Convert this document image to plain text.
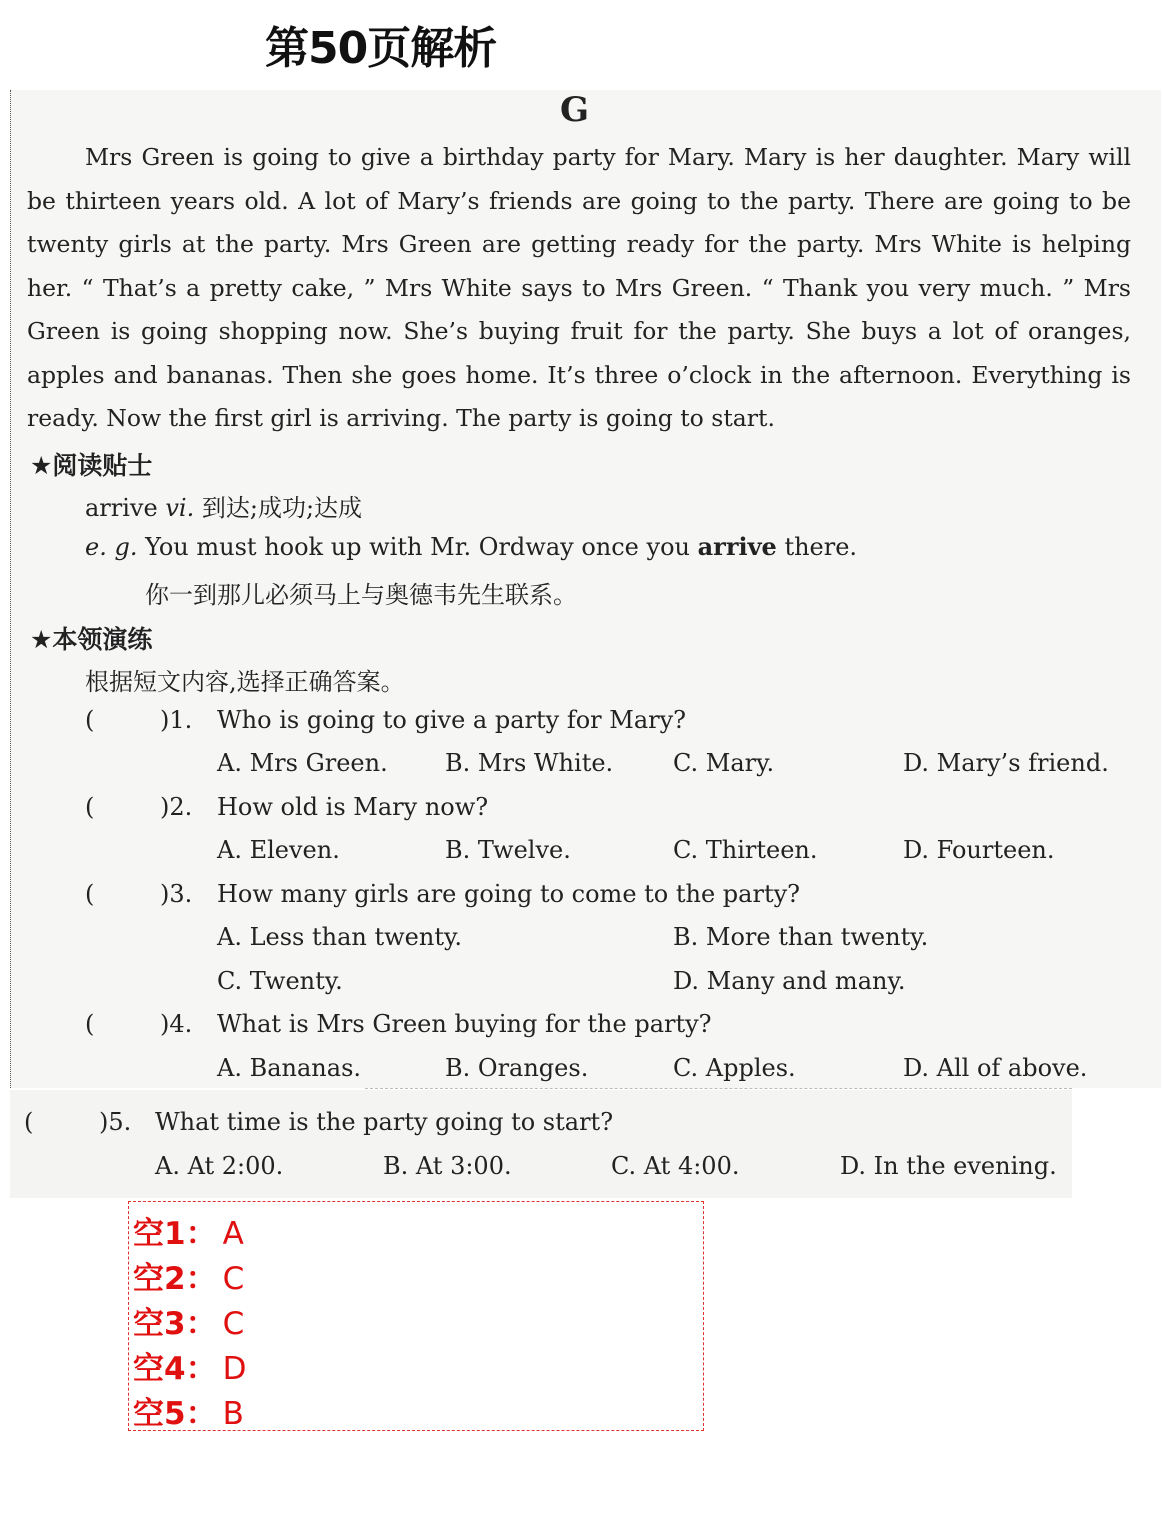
第50页解析
G
Mrs Green is going to give a birthday party for Mary. Mary is her daughter. Mary will be thirteen years old. A lot of Mary’s friends are going to the party. There are going to be twenty girls at the party. Mrs Green are getting ready for the party. Mrs White is helping her. “ That’s a pretty cake, ” Mrs White says to Mrs Green. “ Thank you very much. ” Mrs Green is going shopping now. She’s buying fruit for the party. She buys a lot of oranges, apples and bananas. Then she goes home. It’s three o’clock in the afternoon. Everything is ready. Now the first girl is arriving. The party is going to start.
★阅读贴士
arrive vi. 到达;成功;达成
e. g. You must hook up with Mr. Ordway once you arrive there.
你一到那儿必须马上与奥德韦先生联系。
★本领演练
根据短文内容,选择正确答案。
(	)1. Who is going to give a party for Mary?
A. Mrs Green. B. Mrs White. C. Mary.	D. Mary’s friend.
(	)2. How old is Mary now?
A. Eleven.	B. Twelve.	C. Thirteen.	D. Fourteen.
(	)3. How many girls are going to come to the party?
A. Less than twenty.	B. More than twenty.
C. Twenty.	D. Many and many.
(	)4. What is Mrs Green buying for the party?
A. Bananas.	B. Oranges.	C. Apples.	D. All of above.
(	)5. What time is the party going to start?
A. At 2:00.	B. At 3:00.	C. At 4:00.	D. In the evening.
空1： A
空2： C
空3： C
空4： D
空5： B
